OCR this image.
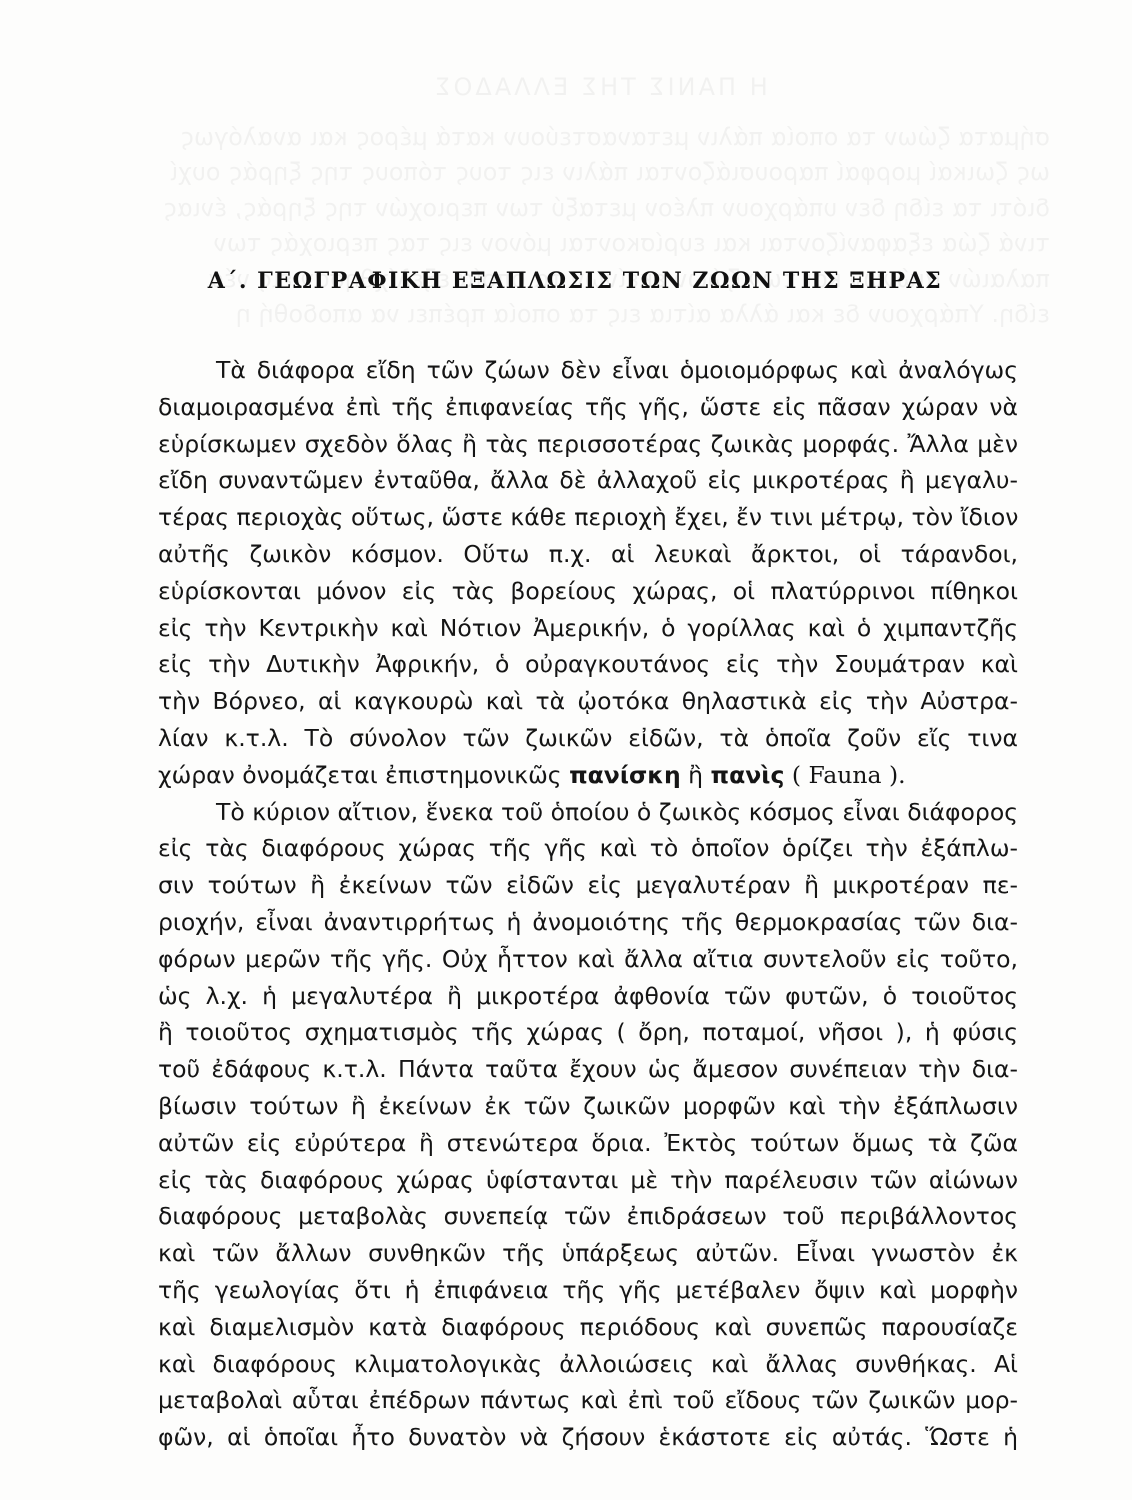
Α΄. ΓΕΩΓΡΑΦΙΚΗ ΕΞΑΠΛΩΣΙΣ ΤΩΝ ΖΩΩΝ ΤΗΣ ΞΗΡΑΣ
Τὰ διάφορα εἴδη τῶν ζώων δὲν εἶναι ὁμοιομόρφως καὶ ἀναλόγως
διαμοιρασμένα ἐπὶ τῆς ἐπιφανείας τῆς γῆς, ὥστε εἰς πᾶσαν χώραν νὰ
εὑρίσκωμεν σχεδὸν ὅλας ἢ τὰς περισσοτέρας ζωικὰς μορφάς. Ἄλλα μὲν
εἴδη συναντῶμεν ἐνταῦθα, ἄλλα δὲ ἀλλαχοῦ εἰς μικροτέρας ἢ μεγαλυ-
τέρας περιοχὰς οὕτως, ὥστε κάθε περιοχὴ ἔχει, ἔν τινι μέτρῳ, τὸν ἴδιον
αὐτῆς ζωικὸν κόσμον. Οὕτω π.χ. αἱ λευκαὶ ἄρκτοι, οἱ τάρανδοι,
εὑρίσκονται μόνον εἰς τὰς βορείους χώρας, οἱ πλατύρρινοι πίθηκοι
εἰς τὴν Κεντρικὴν καὶ Νότιον Ἀμερικήν, ὁ γορίλλας καὶ ὁ χιμπαντζῆς
εἰς τὴν Δυτικὴν Ἀφρικήν, ὁ οὐραγκουτάνος εἰς τὴν Σουμάτραν καὶ
τὴν Βόρνεο, αἱ καγκουρὼ καὶ τὰ ᾠοτόκα θηλαστικὰ εἰς τὴν Αὐστρα-
λίαν κ.τ.λ. Τὸ σύνολον τῶν ζωικῶν εἰδῶν, τὰ ὁποῖα ζοῦν εἴς τινα
χώραν ὀνομάζεται ἐπιστημονικῶς πανίσκη ἢ πανὶς ( Fauna ).
Τὸ κύριον αἴτιον, ἕνεκα τοῦ ὁποίου ὁ ζωικὸς κόσμος εἶναι διάφορος
εἰς τὰς διαφόρους χώρας τῆς γῆς καὶ τὸ ὁποῖον ὁρίζει τὴν ἐξάπλω-
σιν τούτων ἢ ἐκείνων τῶν εἰδῶν εἰς μεγαλυτέραν ἢ μικροτέραν πε-
ριοχήν, εἶναι ἀναντιρρήτως ἡ ἀνομοιότης τῆς θερμοκρασίας τῶν δια-
φόρων μερῶν τῆς γῆς. Οὐχ ἧττον καὶ ἄλλα αἴτια συντελοῦν εἰς τοῦτο,
ὡς λ.χ. ἡ μεγαλυτέρα ἢ μικροτέρα ἀφθονία τῶν φυτῶν, ὁ τοιοῦτος
ἢ τοιοῦτος σχηματισμὸς τῆς χώρας ( ὄρη, ποταμοί, νῆσοι ), ἡ φύσις
τοῦ ἐδάφους κ.τ.λ. Πάντα ταῦτα ἔχουν ὡς ἄμεσον συνέπειαν τὴν δια-
βίωσιν τούτων ἢ ἐκείνων ἐκ τῶν ζωικῶν μορφῶν καὶ τὴν ἐξάπλωσιν
αὐτῶν εἰς εὐρύτερα ἢ στενώτερα ὅρια. Ἐκτὸς τούτων ὅμως τὰ ζῶα
εἰς τὰς διαφόρους χώρας ὑφίστανται μὲ τὴν παρέλευσιν τῶν αἰώνων
διαφόρους μεταβολὰς συνεπείᾳ τῶν ἐπιδράσεων τοῦ περιβάλλοντος
καὶ τῶν ἄλλων συνθηκῶν τῆς ὑπάρξεως αὐτῶν. Εἶναι γνωστὸν ἐκ
τῆς γεωλογίας ὅτι ἡ ἐπιφάνεια τῆς γῆς μετέβαλεν ὄψιν καὶ μορφὴν
καὶ διαμελισμὸν κατὰ διαφόρους περιόδους καὶ συνεπῶς παρουσίαζε
καὶ διαφόρους κλιματολογικὰς ἀλλοιώσεις καὶ ἄλλας συνθήκας. Αἱ
μεταβολαὶ αὗται ἐπέδρων πάντως καὶ ἐπὶ τοῦ εἴδους τῶν ζωικῶν μορ-
φῶν, αἱ ὁποῖαι ἦτο δυνατὸν νὰ ζήσουν ἑκάστοτε εἰς αὐτάς. Ὥστε ἡ
